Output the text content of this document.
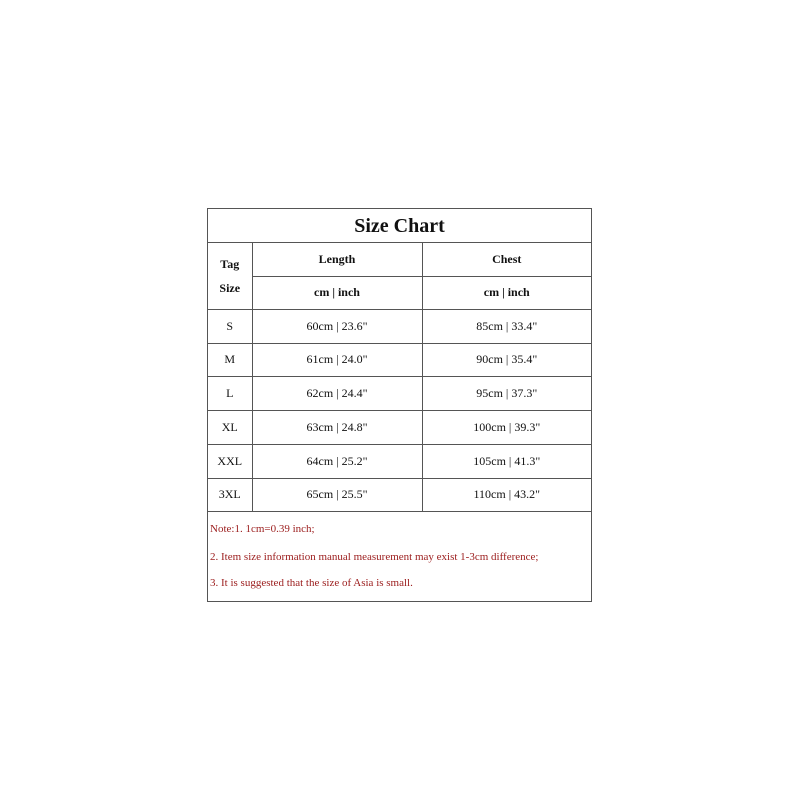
Size Chart
Tag
Size	Length	Chest
	cm | inch	cm | inch
S	60cm | 23.6"	85cm | 33.4"
M	61cm | 24.0"	90cm | 35.4"
L	62cm | 24.4"	95cm | 37.3"
XL	63cm | 24.8"	100cm | 39.3"
XXL	64cm | 25.2"	105cm | 41.3"
3XL	65cm | 25.5"	110cm | 43.2"
Note:1. 1cm=0.39 inch;
2. Item size information manual measurement may exist 1-3cm difference;
3. It is suggested that the size of Asia is small.
